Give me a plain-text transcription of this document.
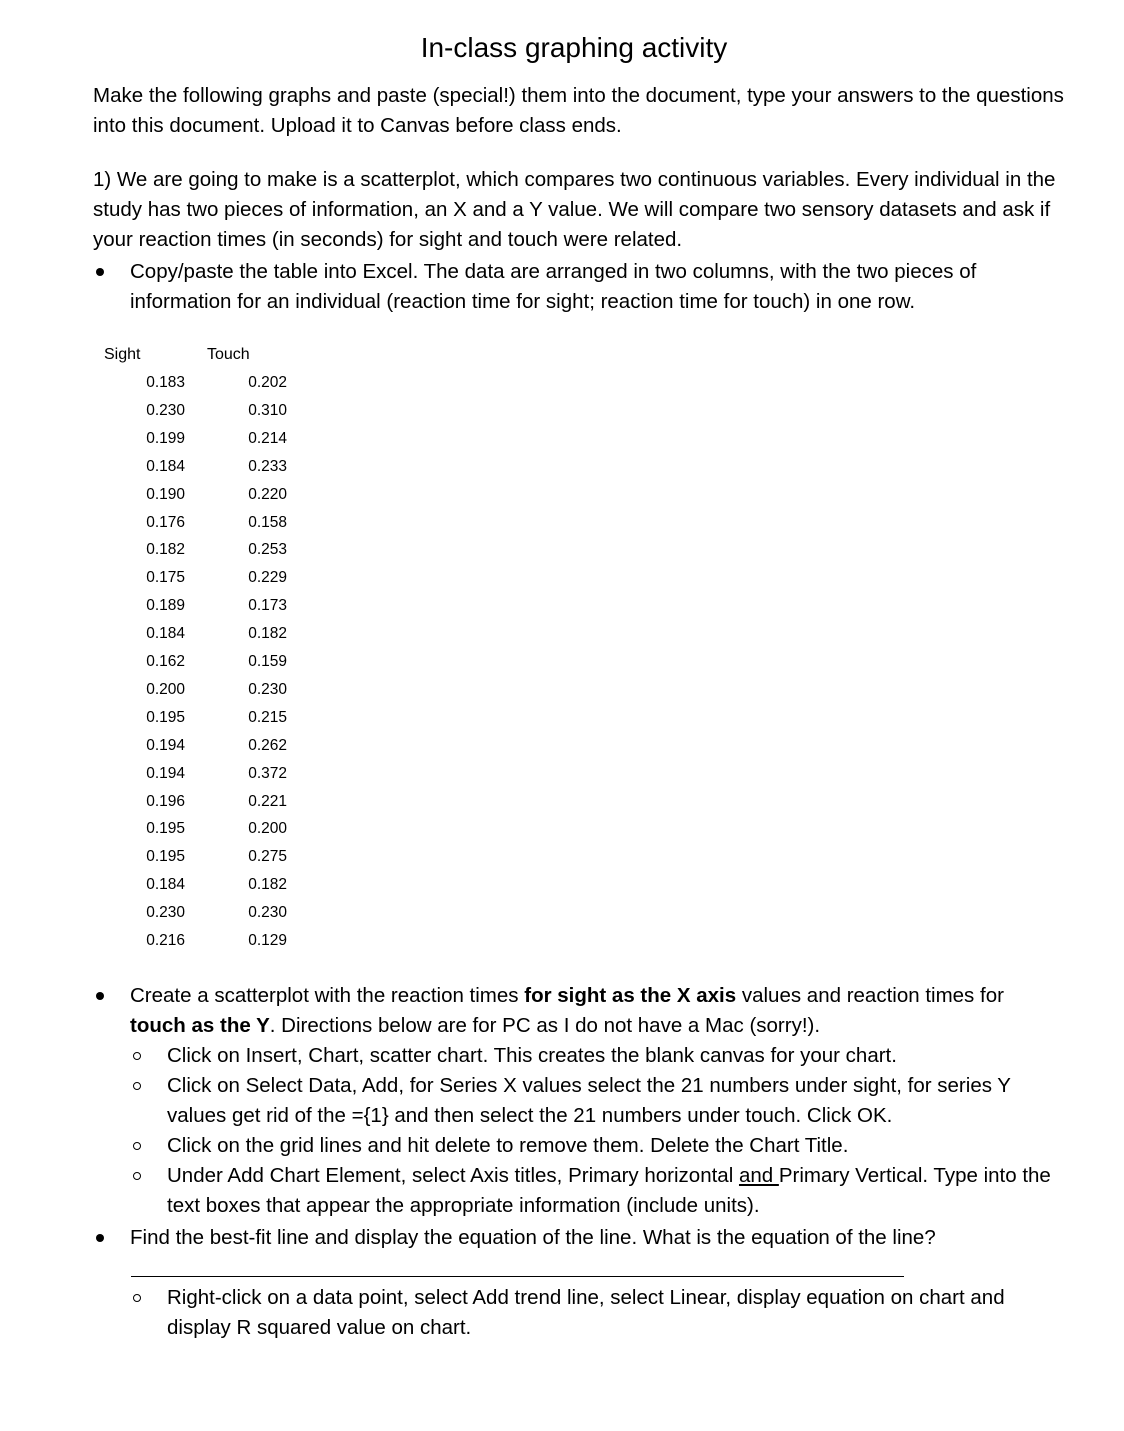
In-class graphing activity
Make the following graphs and paste (special!) them into the document, type your answers to the questions into this document. Upload it to Canvas before class ends.
1) We are going to make is a scatterplot, which compares two continuous variables. Every individual in the study has two pieces of information, an X and a Y value. We will compare two sensory datasets and ask if your reaction times (in seconds) for sight and touch were related.
Copy/paste the table into Excel. The data are arranged in two columns, with the two pieces of information for an individual (reaction time for sight; reaction time for touch) in one row.
Sight	Touch
0.183	0.202
0.230	0.310
0.199	0.214
0.184	0.233
0.190	0.220
0.176	0.158
0.182	0.253
0.175	0.229
0.189	0.173
0.184	0.182
0.162	0.159
0.200	0.230
0.195	0.215
0.194	0.262
0.194	0.372
0.196	0.221
0.195	0.200
0.195	0.275
0.184	0.182
0.230	0.230
0.216	0.129
Create a scatterplot with the reaction times for sight as the X axis values and reaction times for touch as the Y. Directions below are for PC as I do not have a Mac (sorry!).
Click on Insert, Chart, scatter chart. This creates the blank canvas for your chart.
Click on Select Data, Add, for Series X values select the 21 numbers under sight, for series Y values get rid of the ={1} and then select the 21 numbers under touch. Click OK.
Click on the grid lines and hit delete to remove them. Delete the Chart Title.
Under Add Chart Element, select Axis titles, Primary horizontal and Primary Vertical. Type into the text boxes that appear the appropriate information (include units).
Find the best-fit line and display the equation of the line. What is the equation of the line?
Right-click on a data point, select Add trend line, select Linear, display equation on chart and display R squared value on chart.
